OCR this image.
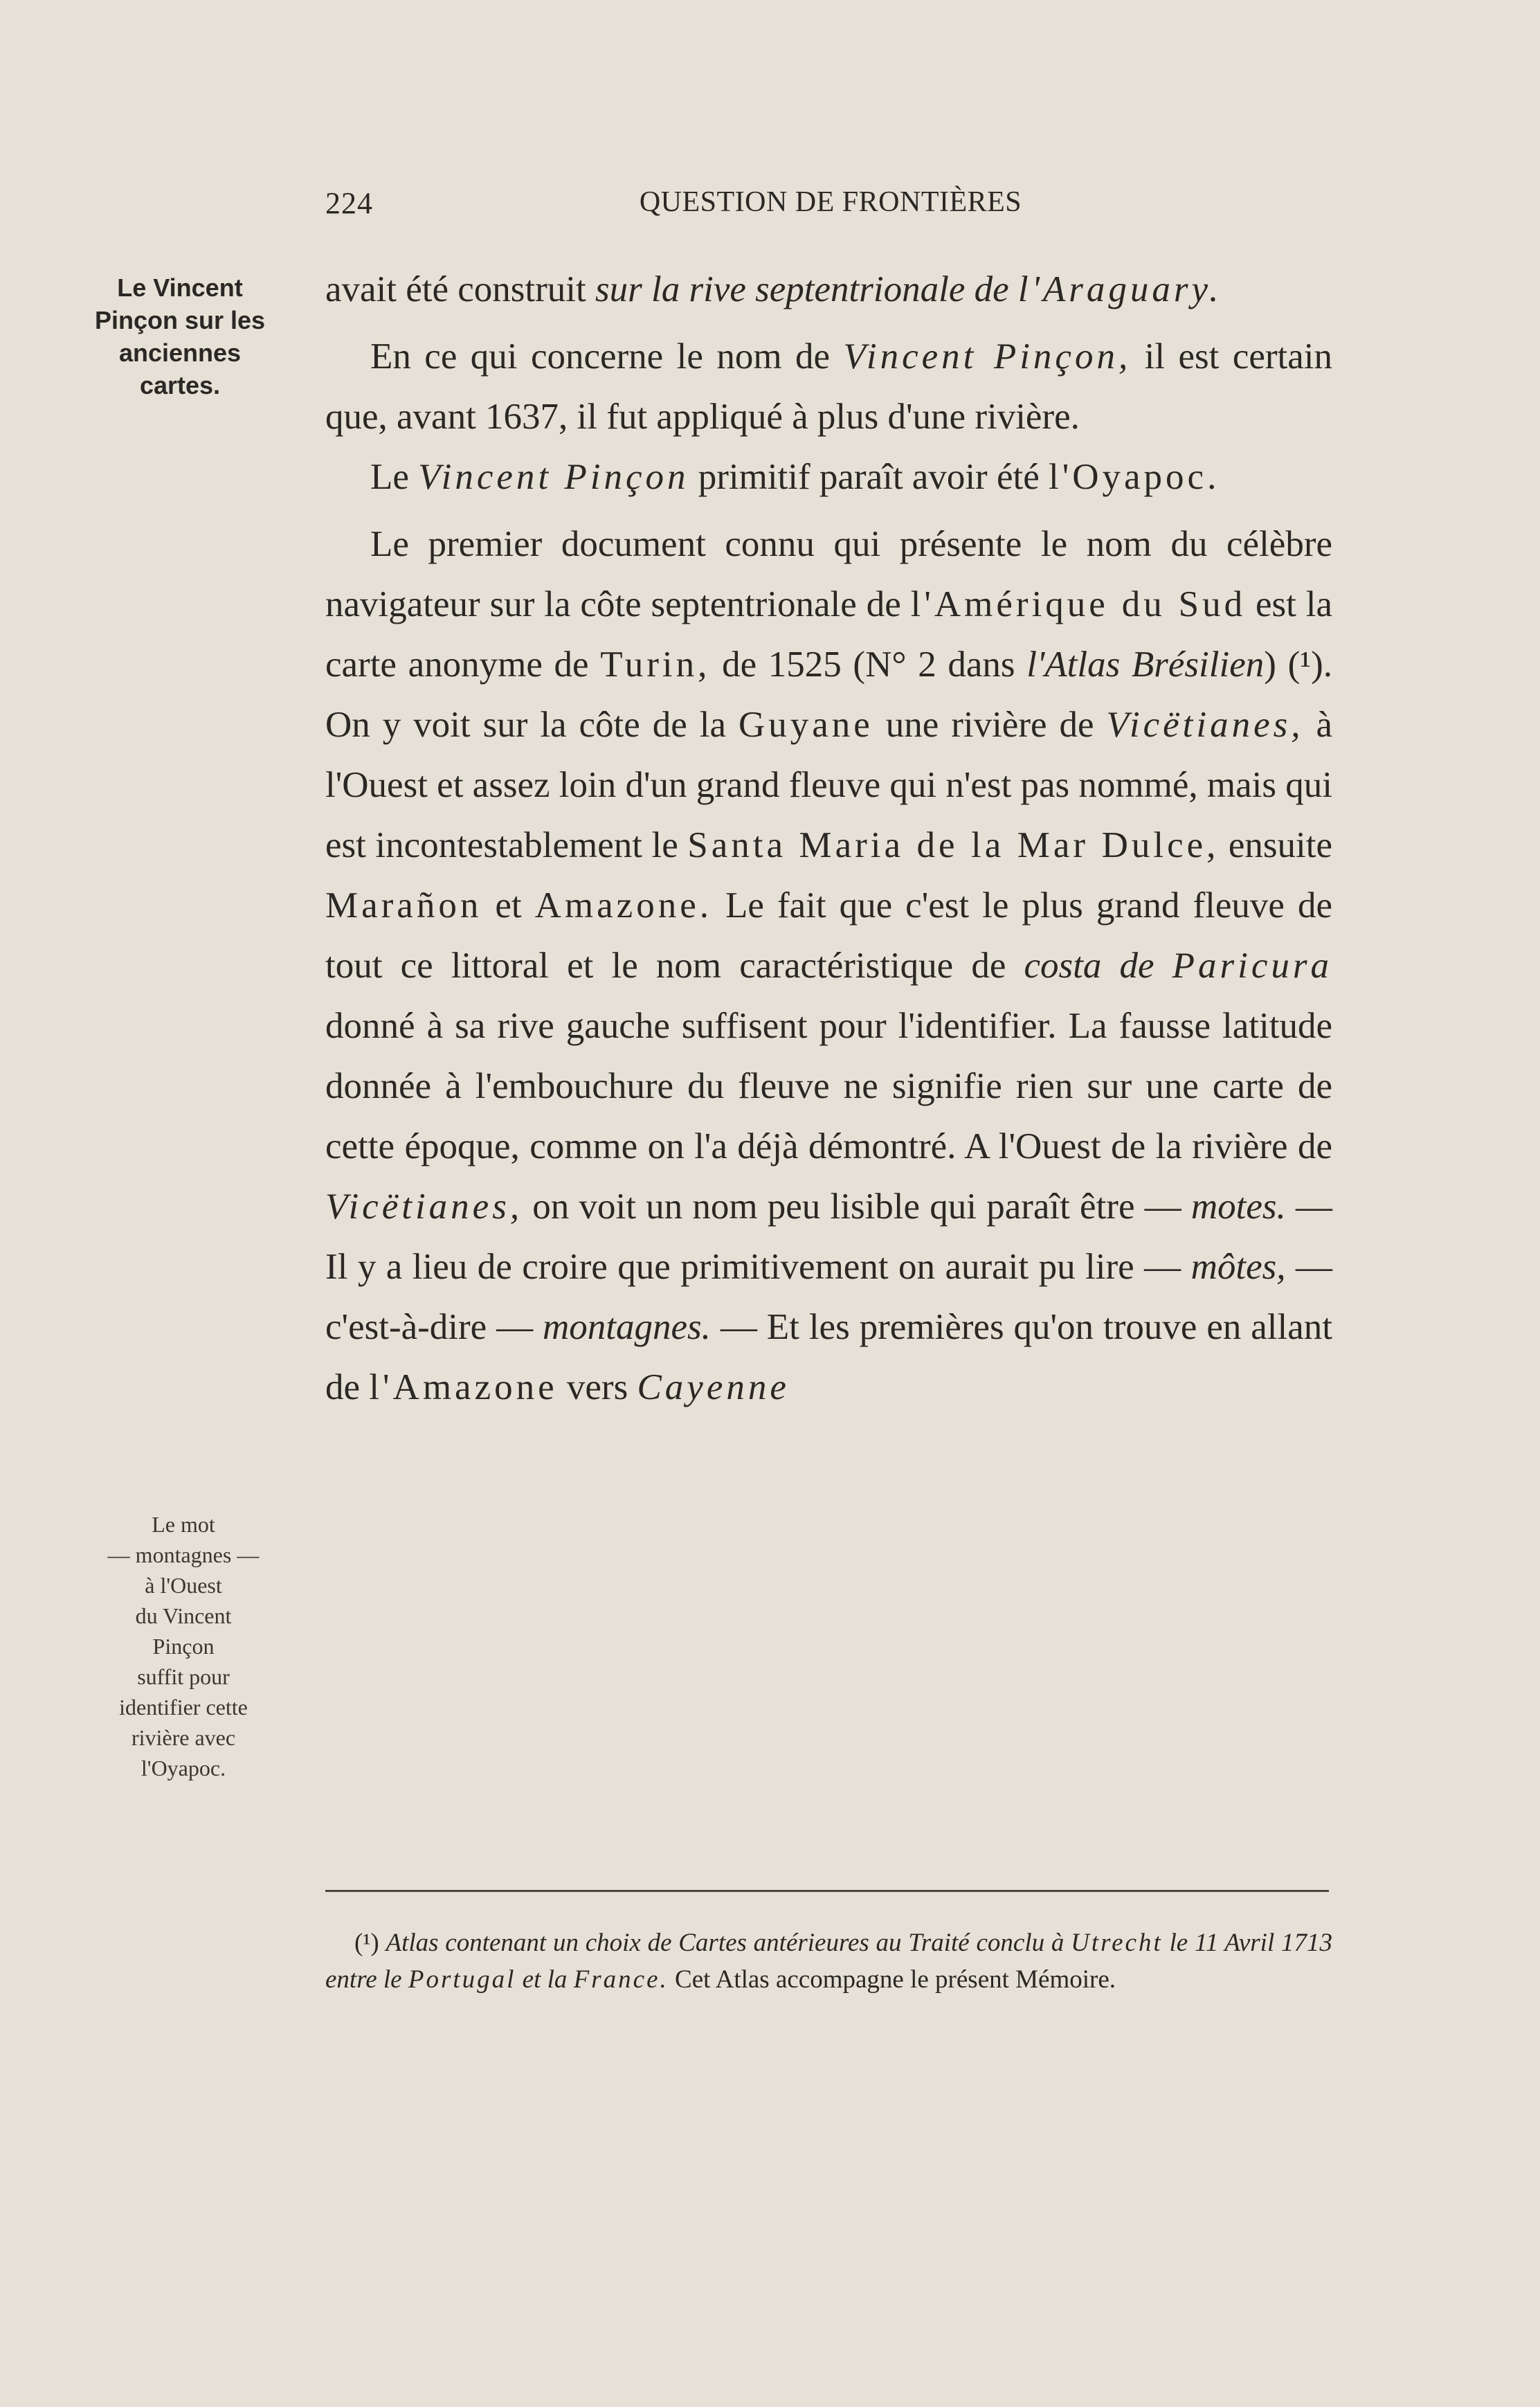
224	QUESTION DE FRONTIÈRES
Le Vincent
Pinçon sur les
anciennes
cartes.
Le mot
— montagnes —
à l'Ouest
du Vincent
Pinçon
suffit pour
identifier cette
rivière avec
l'Oyapoc.

avait été construit sur la rive septentrionale de l'Araguary.

En ce qui concerne le nom de Vincent Pinçon, il est certain que, avant 1637, il fut appliqué à plus d'une rivière.

Le Vincent Pinçon primitif paraît avoir été l'Oyapoc.

Le premier document connu qui présente le nom du célèbre navigateur sur la côte septentrionale de l'Amérique du Sud est la carte anonyme de Turin, de 1525 (N° 2 dans l'Atlas Brésilien) (¹). On y voit sur la côte de la Guyane une rivière de Vicëtianes, à l'Ouest et assez loin d'un grand fleuve qui n'est pas nommé, mais qui est incontestablement le Santa Maria de la Mar Dulce, ensuite Marañon et Amazone. Le fait que c'est le plus grand fleuve de tout ce littoral et le nom caractéristique de costa de Paricura donné à sa rive gauche suffisent pour l'identifier. La fausse latitude donnée à l'embouchure du fleuve ne signifie rien sur une carte de cette époque, comme on l'a déjà démontré. A l'Ouest de la rivière de Vicëtianes, on voit un nom peu lisible qui paraît être — motes. — Il y a lieu de croire que primitivement on aurait pu lire — môtes, — c'est-à-dire — montagnes. — Et les premières qu'on trouve en allant de l'Amazone vers Cayenne

(¹) Atlas contenant un choix de Cartes antérieures au Traité conclu à Utrecht le 11 Avril 1713 entre le Portugal et la France. Cet Atlas accompagne le présent Mémoire.
